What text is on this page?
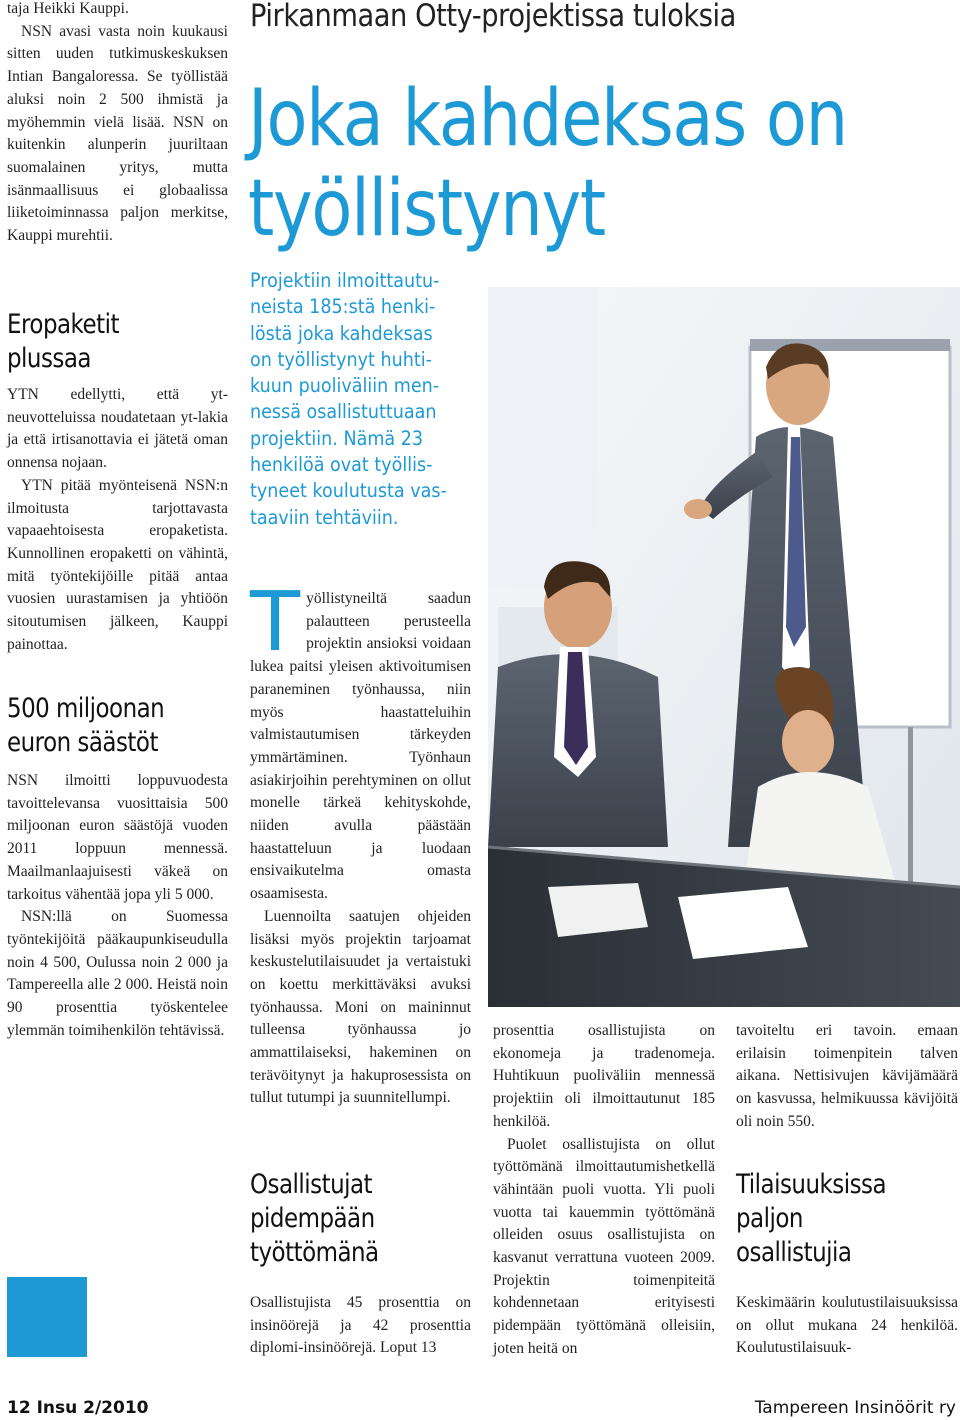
taja Heikki Kauppi.

NSN avasi vasta noin kuukausi sitten uuden tutkimuskeskuksen Intian Bangaloressa. Se työllistää aluksi noin 2 500 ihmistä ja myöhemmin vielä lisää. NSN on kuitenkin alunperin juuriltaan suomalainen yritys, mutta isänmaallisuus ei globaalissa liiketoiminnassa paljon merkitse, Kauppi murehtii.

Eropaketit
plussaa

YTN edellytti, että yt-neuvotteluissa noudatetaan yt-lakia ja että irtisanottavia ei jätetä oman onnensa nojaan.

YTN pitää myönteisenä NSN:n ilmoitusta tarjottavasta vapaaehtoisesta eropaketista. Kunnollinen eropaketti on vähintä, mitä työntekijöille pitää antaa vuosien uurastamisen ja yhtiöön sitoutumisen jälkeen, Kauppi painottaa.

500 miljoonan
euron säästöt

NSN ilmoitti loppuvuodesta tavoittelevansa vuosittaisia 500 miljoonan euron säästöjä vuoden 2011 loppuun mennessä. Maailmanlaajuisesti väkeä on tarkoitus vähentää jopa yli 5 000.

NSN:llä on Suomessa työntekijöitä pääkaupunkiseudulla noin 4 500, Oulussa noin 2 000 ja Tampereella alle 2 000. Heistä noin 90 prosenttia työskentelee ylemmän toimihenkilön tehtävissä.

Pirkanmaan Otty-projektissa tuloksia
Joka kahdeksas on
työllistynyt
Projektiin ilmoittautu-
neista 185:stä henki-
löstä joka kahdeksas
on työllistynyt huhti-
kuun puoliväliin men-
nessä osallistuttuaan
projektiin. Nämä 23
henkilöä ovat työllis-
tyneet koulutusta vas-
taaviin tehtäviin.

Työllistyneiltä saadun palautteen perusteella projektin ansioksi voidaan lukea paitsi yleisen aktivoitumisen paraneminen työnhaussa, niin myös haastatteluihin valmistautumisen tärkeyden ymmärtäminen. Työnhaun asiakirjoihin perehtyminen on ollut monelle tärkeä kehityskohde, niiden avulla päästään haastatteluun ja luodaan ensivaikutelma omasta osaamisesta.

Luennoilta saatujen ohjeiden lisäksi myös projektin tarjoamat keskustelutilaisuudet ja vertaistuki on koettu merkittäväksi avuksi työnhaussa. Moni on maininnut tulleensa työnhaussa jo ammattilaiseksi, hakeminen on terävöitynyt ja hakuprosessista on tullut tutumpi ja suunnitellumpi.

Osallistujat
pidempään
työttömänä

Osallistujista 45 prosenttia on insinöörejä ja 42 prosenttia diplomi-insinöörejä. Loput 13

prosenttia osallistujista on ekonomeja ja tradenomeja. Huhtikuun puoliväliin mennessä projektiin oli ilmoittautunut 185 henkilöä.

Puolet osallistujista on ollut työttömänä ilmoittautumishetkellä vähintään puoli vuotta. Yli puoli vuotta tai kauemmin työttömänä olleiden osuus osallistujista on kasvanut verrattuna vuoteen 2009. Projektin toimenpiteitä kohdennetaan erityisesti pidempään työttömänä olleisiin, joten heitä on

tavoiteltu eri tavoin. emaan erilaisin toimenpitein talven aikana. Nettisivujen kävijämäärä on kasvussa, helmikuussa kävijöitä oli noin 550.

Tilaisuuksissa
paljon
osallistujia

Keskimäärin koulutustilaisuuksissa on ollut mukana 24 henkilöä. Koulutustilaisuuk-

12 Insu 2/2010	Tampereen Insinöörit ry
